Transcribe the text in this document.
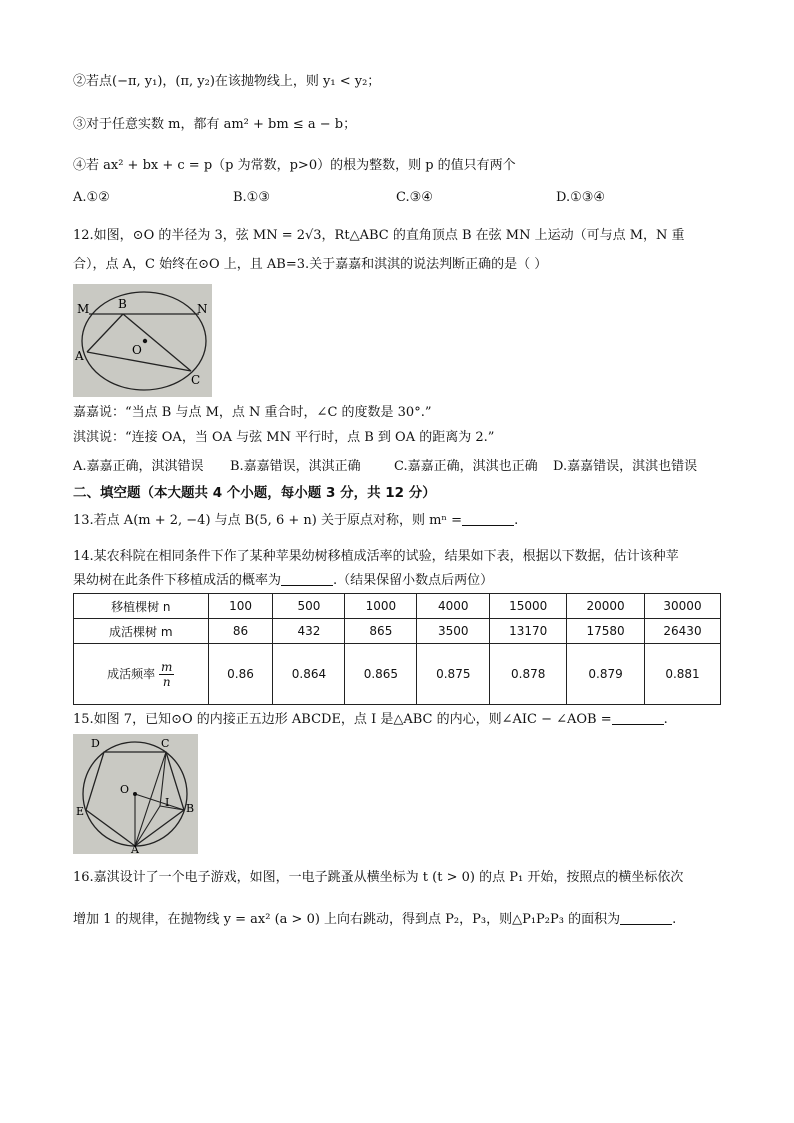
②若点(−π, y₁)，(π, y₂)在该抛物线上，则 y₁ < y₂；
③对于任意实数 m，都有 am² + bm ≤ a − b；
④若 ax² + bx + c = p（p 为常数，p>0）的根为整数，则 p 的值只有两个
A.①②	B.①③	C.③④	D.①③④
12.如图，⊙O 的半径为 3，弦 MN = 2√3，Rt△ABC 的直角顶点 B 在弦 MN 上运动（可与点 M，N 重
合），点 A，C 始终在⊙O 上，且 AB=3.关于嘉嘉和淇淇的说法判断正确的是（ ）
M B	N
A	O
C
嘉嘉说：“当点 B 与点 M，点 N 重合时，∠C 的度数是 30°.”
淇淇说：“连接 OA，当 OA 与弦 MN 平行时，点 B 到 OA 的距离为 2.”
A.嘉嘉正确，淇淇错误 B.嘉嘉错误，淇淇正确	C.嘉嘉正确，淇淇也正确 D.嘉嘉错误，淇淇也错误
二、填空题（本大题共 4 个小题，每小题 3 分，共 12 分）
13.若点 A(m + 2, −4) 与点 B(5, 6 + n) 关于原点对称，则 mⁿ =	.
14.某农科院在相同条件下作了某种苹果幼树移植成活率的试验，结果如下表，根据以下数据，估计该种苹
果幼树在此条件下移植成活的概率为	.（结果保留小数点后两位）
移植棵树 n	100	500	1000	4000	15000	20000	30000
成活棵树 m	86	432	865	3500	13170	17580	26430
成活频率 $\frac{m}{n}$	0.86	0.864	0.865	0.875	0.878	0.879	0.881
15.如图 7，已知⊙O 的内接正五边形 ABCDE，点 I 是△ABC 的内心，则∠AIC − ∠AOB =	.
D	C
O
E
I B
A
16.嘉淇设计了一个电子游戏，如图，一电子跳蚤从横坐标为 t (t > 0) 的点 P₁ 开始，按照点的横坐标依次
增加 1 的规律，在抛物线 y = ax² (a > 0) 上向右跳动，得到点 P₂，P₃，则△P₁P₂P₃ 的面积为	.
